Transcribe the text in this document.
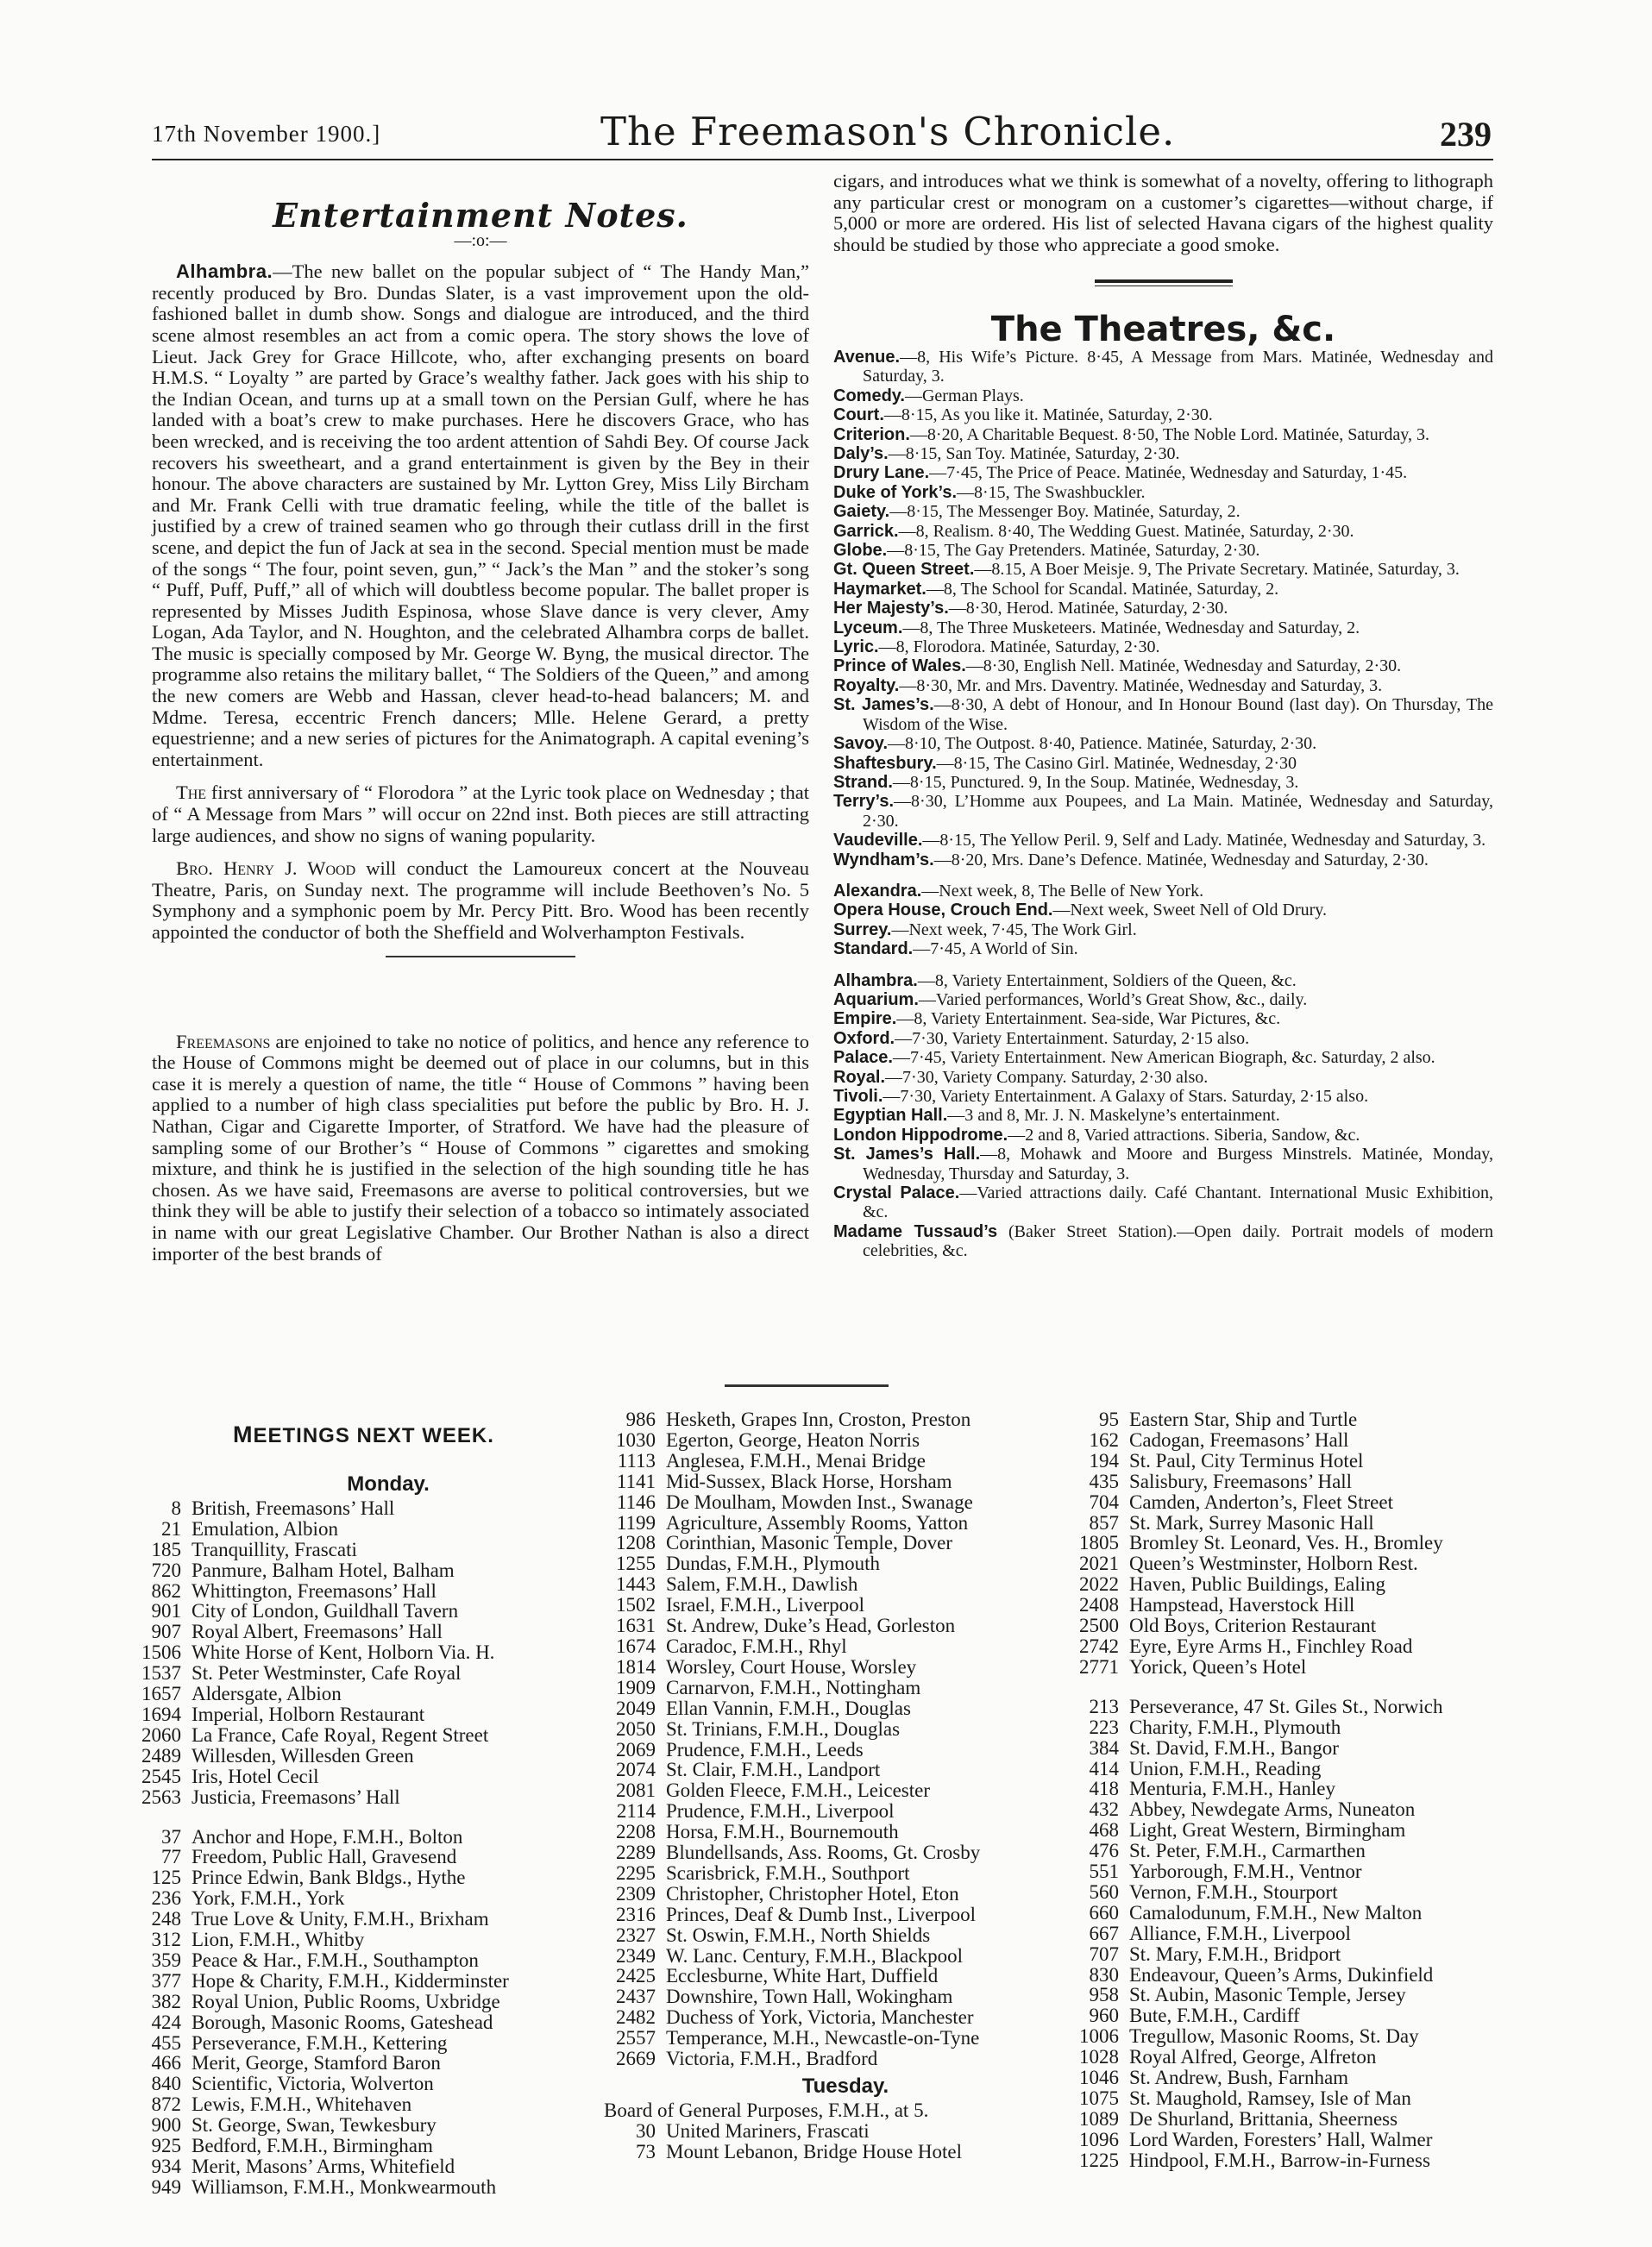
17th November 1900.]	The Freemason's Chronicle.	239
Entertainment Notes.
—:o:—

Alhambra.—The new ballet on the popular subject of “ The Handy Man,” recently produced by Bro. Dundas Slater, is a vast improvement upon the old-fashioned ballet in dumb show. Songs and dialogue are introduced, and the third scene almost resembles an act from a comic opera. The story shows the love of Lieut. Jack Grey for Grace Hillcote, who, after exchanging presents on board H.M.S. “ Loyalty ” are parted by Grace’s wealthy father. Jack goes with his ship to the Indian Ocean, and turns up at a small town on the Persian Gulf, where he has landed with a boat’s crew to make purchases. Here he discovers Grace, who has been wrecked, and is receiving the too ardent attention of Sahdi Bey. Of course Jack recovers his sweetheart, and a grand entertainment is given by the Bey in their honour. The above characters are sustained by Mr. Lytton Grey, Miss Lily Bircham and Mr. Frank Celli with true dramatic feeling, while the title of the ballet is justified by a crew of trained seamen who go through their cutlass drill in the first scene, and depict the fun of Jack at sea in the second. Special mention must be made of the songs “ The four, point seven, gun,” “ Jack’s the Man ” and the stoker’s song “ Puff, Puff, Puff,” all of which will doubtless become popular. The ballet proper is represented by Misses Judith Espinosa, whose Slave dance is very clever, Amy Logan, Ada Taylor, and N. Houghton, and the celebrated Alhambra corps de ballet. The music is specially composed by Mr. George W. Byng, the musical director. The programme also retains the military ballet, “ The Soldiers of the Queen,” and among the new comers are Webb and Hassan, clever head-to-head balancers; M. and Mdme. Teresa, eccentric French dancers; Mlle. Helene Gerard, a pretty equestrienne; and a new series of pictures for the Animatograph. A capital evening’s entertainment.

The first anniversary of “ Florodora ” at the Lyric took place on Wednesday ; that of “ A Message from Mars ” will occur on 22nd inst. Both pieces are still attracting large audiences, and show no signs of waning popularity.

Bro. Henry J. Wood will conduct the Lamoureux concert at the Nouveau Theatre, Paris, on Sunday next. The programme will include Beethoven’s No. 5 Symphony and a symphonic poem by Mr. Percy Pitt. Bro. Wood has been recently appointed the conductor of both the Sheffield and Wolverhampton Festivals.

Freemasons are enjoined to take no notice of politics, and hence any reference to the House of Commons might be deemed out of place in our columns, but in this case it is merely a question of name, the title “ House of Commons ” having been applied to a number of high class specialities put before the public by Bro. H. J. Nathan, Cigar and Cigarette Importer, of Stratford. We have had the pleasure of sampling some of our Brother’s “ House of Commons ” cigarettes and smoking mixture, and think he is justified in the selection of the high sounding title he has chosen. As we have said, Freemasons are averse to political controversies, but we think they will be able to justify their selection of a tobacco so intimately associated in name with our great Legislative Chamber. Our Brother Nathan is also a direct importer of the best brands of

cigars, and introduces what we think is somewhat of a novelty, offering to lithograph any particular crest or monogram on a customer’s cigarettes—without charge, if 5,000 or more are ordered. His list of selected Havana cigars of the highest quality should be studied by those who appreciate a good smoke.

The Theatres, &c.
Avenue.—8, His Wife’s Picture. 8·45, A Message from Mars. Matinée, Wednesday and Saturday, 3.
Comedy.—German Plays.
Court.—8·15, As you like it. Matinée, Saturday, 2·30.
Criterion.—8·20, A Charitable Bequest. 8·50, The Noble Lord. Matinée, Saturday, 3.
Daly’s.—8·15, San Toy. Matinée, Saturday, 2·30.
Drury Lane.—7·45, The Price of Peace. Matinée, Wednesday and Saturday, 1·45.
Duke of York’s.—8·15, The Swashbuckler.
Gaiety.—8·15, The Messenger Boy. Matinée, Saturday, 2.
Garrick.—8, Realism. 8·40, The Wedding Guest. Matinée, Saturday, 2·30.
Globe.—8·15, The Gay Pretenders. Matinée, Saturday, 2·30.
Gt. Queen Street.—8.15, A Boer Meisje. 9, The Private Secretary. Matinée, Saturday, 3.
Haymarket.—8, The School for Scandal. Matinée, Saturday, 2.
Her Majesty’s.—8·30, Herod. Matinée, Saturday, 2·30.
Lyceum.—8, The Three Musketeers. Matinée, Wednesday and Saturday, 2.
Lyric.—8, Florodora. Matinée, Saturday, 2·30.
Prince of Wales.—8·30, English Nell. Matinée, Wednesday and Saturday, 2·30.
Royalty.—8·30, Mr. and Mrs. Daventry. Matinée, Wednesday and Saturday, 3.
St. James’s.—8·30, A debt of Honour, and In Honour Bound (last day). On Thursday, The Wisdom of the Wise.
Savoy.—8·10, The Outpost. 8·40, Patience. Matinée, Saturday, 2·30.
Shaftesbury.—8·15, The Casino Girl. Matinée, Wednesday, 2·30
Strand.—8·15, Punctured. 9, In the Soup. Matinée, Wednesday, 3.
Terry’s.—8·30, L’Homme aux Poupees, and La Main. Matinée, Wednesday and Saturday, 2·30.
Vaudeville.—8·15, The Yellow Peril. 9, Self and Lady. Matinée, Wednesday and Saturday, 3.
Wyndham’s.—8·20, Mrs. Dane’s Defence. Matinée, Wednesday and Saturday, 2·30.
Alexandra.—Next week, 8, The Belle of New York.
Opera House, Crouch End.—Next week, Sweet Nell of Old Drury.
Surrey.—Next week, 7·45, The Work Girl.
Standard.—7·45, A World of Sin.
Alhambra.—8, Variety Entertainment, Soldiers of the Queen, &c.
Aquarium.—Varied performances, World’s Great Show, &c., daily.
Empire.—8, Variety Entertainment. Sea-side, War Pictures, &c.
Oxford.—7·30, Variety Entertainment. Saturday, 2·15 also.
Palace.—7·45, Variety Entertainment. New American Biograph, &c. Saturday, 2 also.
Royal.—7·30, Variety Company. Saturday, 2·30 also.
Tivoli.—7·30, Variety Entertainment. A Galaxy of Stars. Saturday, 2·15 also.
Egyptian Hall.—3 and 8, Mr. J. N. Maskelyne’s entertainment.
London Hippodrome.—2 and 8, Varied attractions. Siberia, Sandow, &c.
St. James’s Hall.—8, Mohawk and Moore and Burgess Minstrels. Matinée, Monday, Wednesday, Thursday and Saturday, 3.
Crystal Palace.—Varied attractions daily. Café Chantant. International Music Exhibition, &c.
Madame Tussaud’s (Baker Street Station).—Open daily. Portrait models of modern celebrities, &c.
MEETINGS NEXT WEEK.
Monday.
8 British, Freemasons’ Hall
21 Emulation, Albion
185 Tranquillity, Frascati
720 Panmure, Balham Hotel, Balham
862 Whittington, Freemasons’ Hall
901 City of London, Guildhall Tavern
907 Royal Albert, Freemasons’ Hall
1506 White Horse of Kent, Holborn Via. H.
1537 St. Peter Westminster, Cafe Royal
1657 Aldersgate, Albion
1694 Imperial, Holborn Restaurant
2060 La France, Cafe Royal, Regent Street
2489 Willesden, Willesden Green
2545 Iris, Hotel Cecil
2563 Justicia, Freemasons’ Hall
37 Anchor and Hope, F.M.H., Bolton
77 Freedom, Public Hall, Gravesend
125 Prince Edwin, Bank Bldgs., Hythe
236 York, F.M.H., York
248 True Love & Unity, F.M.H., Brixham
312 Lion, F.M.H., Whitby
359 Peace & Har., F.M.H., Southampton
377 Hope & Charity, F.M.H., Kidderminster
382 Royal Union, Public Rooms, Uxbridge
424 Borough, Masonic Rooms, Gateshead
455 Perseverance, F.M.H., Kettering
466 Merit, George, Stamford Baron
840 Scientific, Victoria, Wolverton
872 Lewis, F.M.H., Whitehaven
900 St. George, Swan, Tewkesbury
925 Bedford, F.M.H., Birmingham
934 Merit, Masons’ Arms, Whitefield
949 Williamson, F.M.H., Monkwearmouth
986 Hesketh, Grapes Inn, Croston, Preston
1030 Egerton, George, Heaton Norris
1113 Anglesea, F.M.H., Menai Bridge
1141 Mid-Sussex, Black Horse, Horsham
1146 De Moulham, Mowden Inst., Swanage
1199 Agriculture, Assembly Rooms, Yatton
1208 Corinthian, Masonic Temple, Dover
1255 Dundas, F.M.H., Plymouth
1443 Salem, F.M.H., Dawlish
1502 Israel, F.M.H., Liverpool
1631 St. Andrew, Duke’s Head, Gorleston
1674 Caradoc, F.M.H., Rhyl
1814 Worsley, Court House, Worsley
1909 Carnarvon, F.M.H., Nottingham
2049 Ellan Vannin, F.M.H., Douglas
2050 St. Trinians, F.M.H., Douglas
2069 Prudence, F.M.H., Leeds
2074 St. Clair, F.M.H., Landport
2081 Golden Fleece, F.M.H., Leicester
2114 Prudence, F.M.H., Liverpool
2208 Horsa, F.M.H., Bournemouth
2289 Blundellsands, Ass. Rooms, Gt. Crosby
2295 Scarisbrick, F.M.H., Southport
2309 Christopher, Christopher Hotel, Eton
2316 Princes, Deaf & Dumb Inst., Liverpool
2327 St. Oswin, F.M.H., North Shields
2349 W. Lanc. Century, F.M.H., Blackpool
2425 Ecclesburne, White Hart, Duffield
2437 Downshire, Town Hall, Wokingham
2482 Duchess of York, Victoria, Manchester
2557 Temperance, M.H., Newcastle-on-Tyne
2669 Victoria, F.M.H., Bradford
Tuesday.
Board of General Purposes, F.M.H., at 5.
30 United Mariners, Frascati
73 Mount Lebanon, Bridge House Hotel
95 Eastern Star, Ship and Turtle
162 Cadogan, Freemasons’ Hall
194 St. Paul, City Terminus Hotel
435 Salisbury, Freemasons’ Hall
704 Camden, Anderton’s, Fleet Street
857 St. Mark, Surrey Masonic Hall
1805 Bromley St. Leonard, Ves. H., Bromley
2021 Queen’s Westminster, Holborn Rest.
2022 Haven, Public Buildings, Ealing
2408 Hampstead, Haverstock Hill
2500 Old Boys, Criterion Restaurant
2742 Eyre, Eyre Arms H., Finchley Road
2771 Yorick, Queen’s Hotel
213 Perseverance, 47 St. Giles St., Norwich
223 Charity, F.M.H., Plymouth
384 St. David, F.M.H., Bangor
414 Union, F.M.H., Reading
418 Menturia, F.M.H., Hanley
432 Abbey, Newdegate Arms, Nuneaton
468 Light, Great Western, Birmingham
476 St. Peter, F.M.H., Carmarthen
551 Yarborough, F.M.H., Ventnor
560 Vernon, F.M.H., Stourport
660 Camalodunum, F.M.H., New Malton
667 Alliance, F.M.H., Liverpool
707 St. Mary, F.M.H., Bridport
830 Endeavour, Queen’s Arms, Dukinfield
958 St. Aubin, Masonic Temple, Jersey
960 Bute, F.M.H., Cardiff
1006 Tregullow, Masonic Rooms, St. Day
1028 Royal Alfred, George, Alfreton
1046 St. Andrew, Bush, Farnham
1075 St. Maughold, Ramsey, Isle of Man
1089 De Shurland, Brittania, Sheerness
1096 Lord Warden, Foresters’ Hall, Walmer
1225 Hindpool, F.M.H., Barrow-in-Furness
